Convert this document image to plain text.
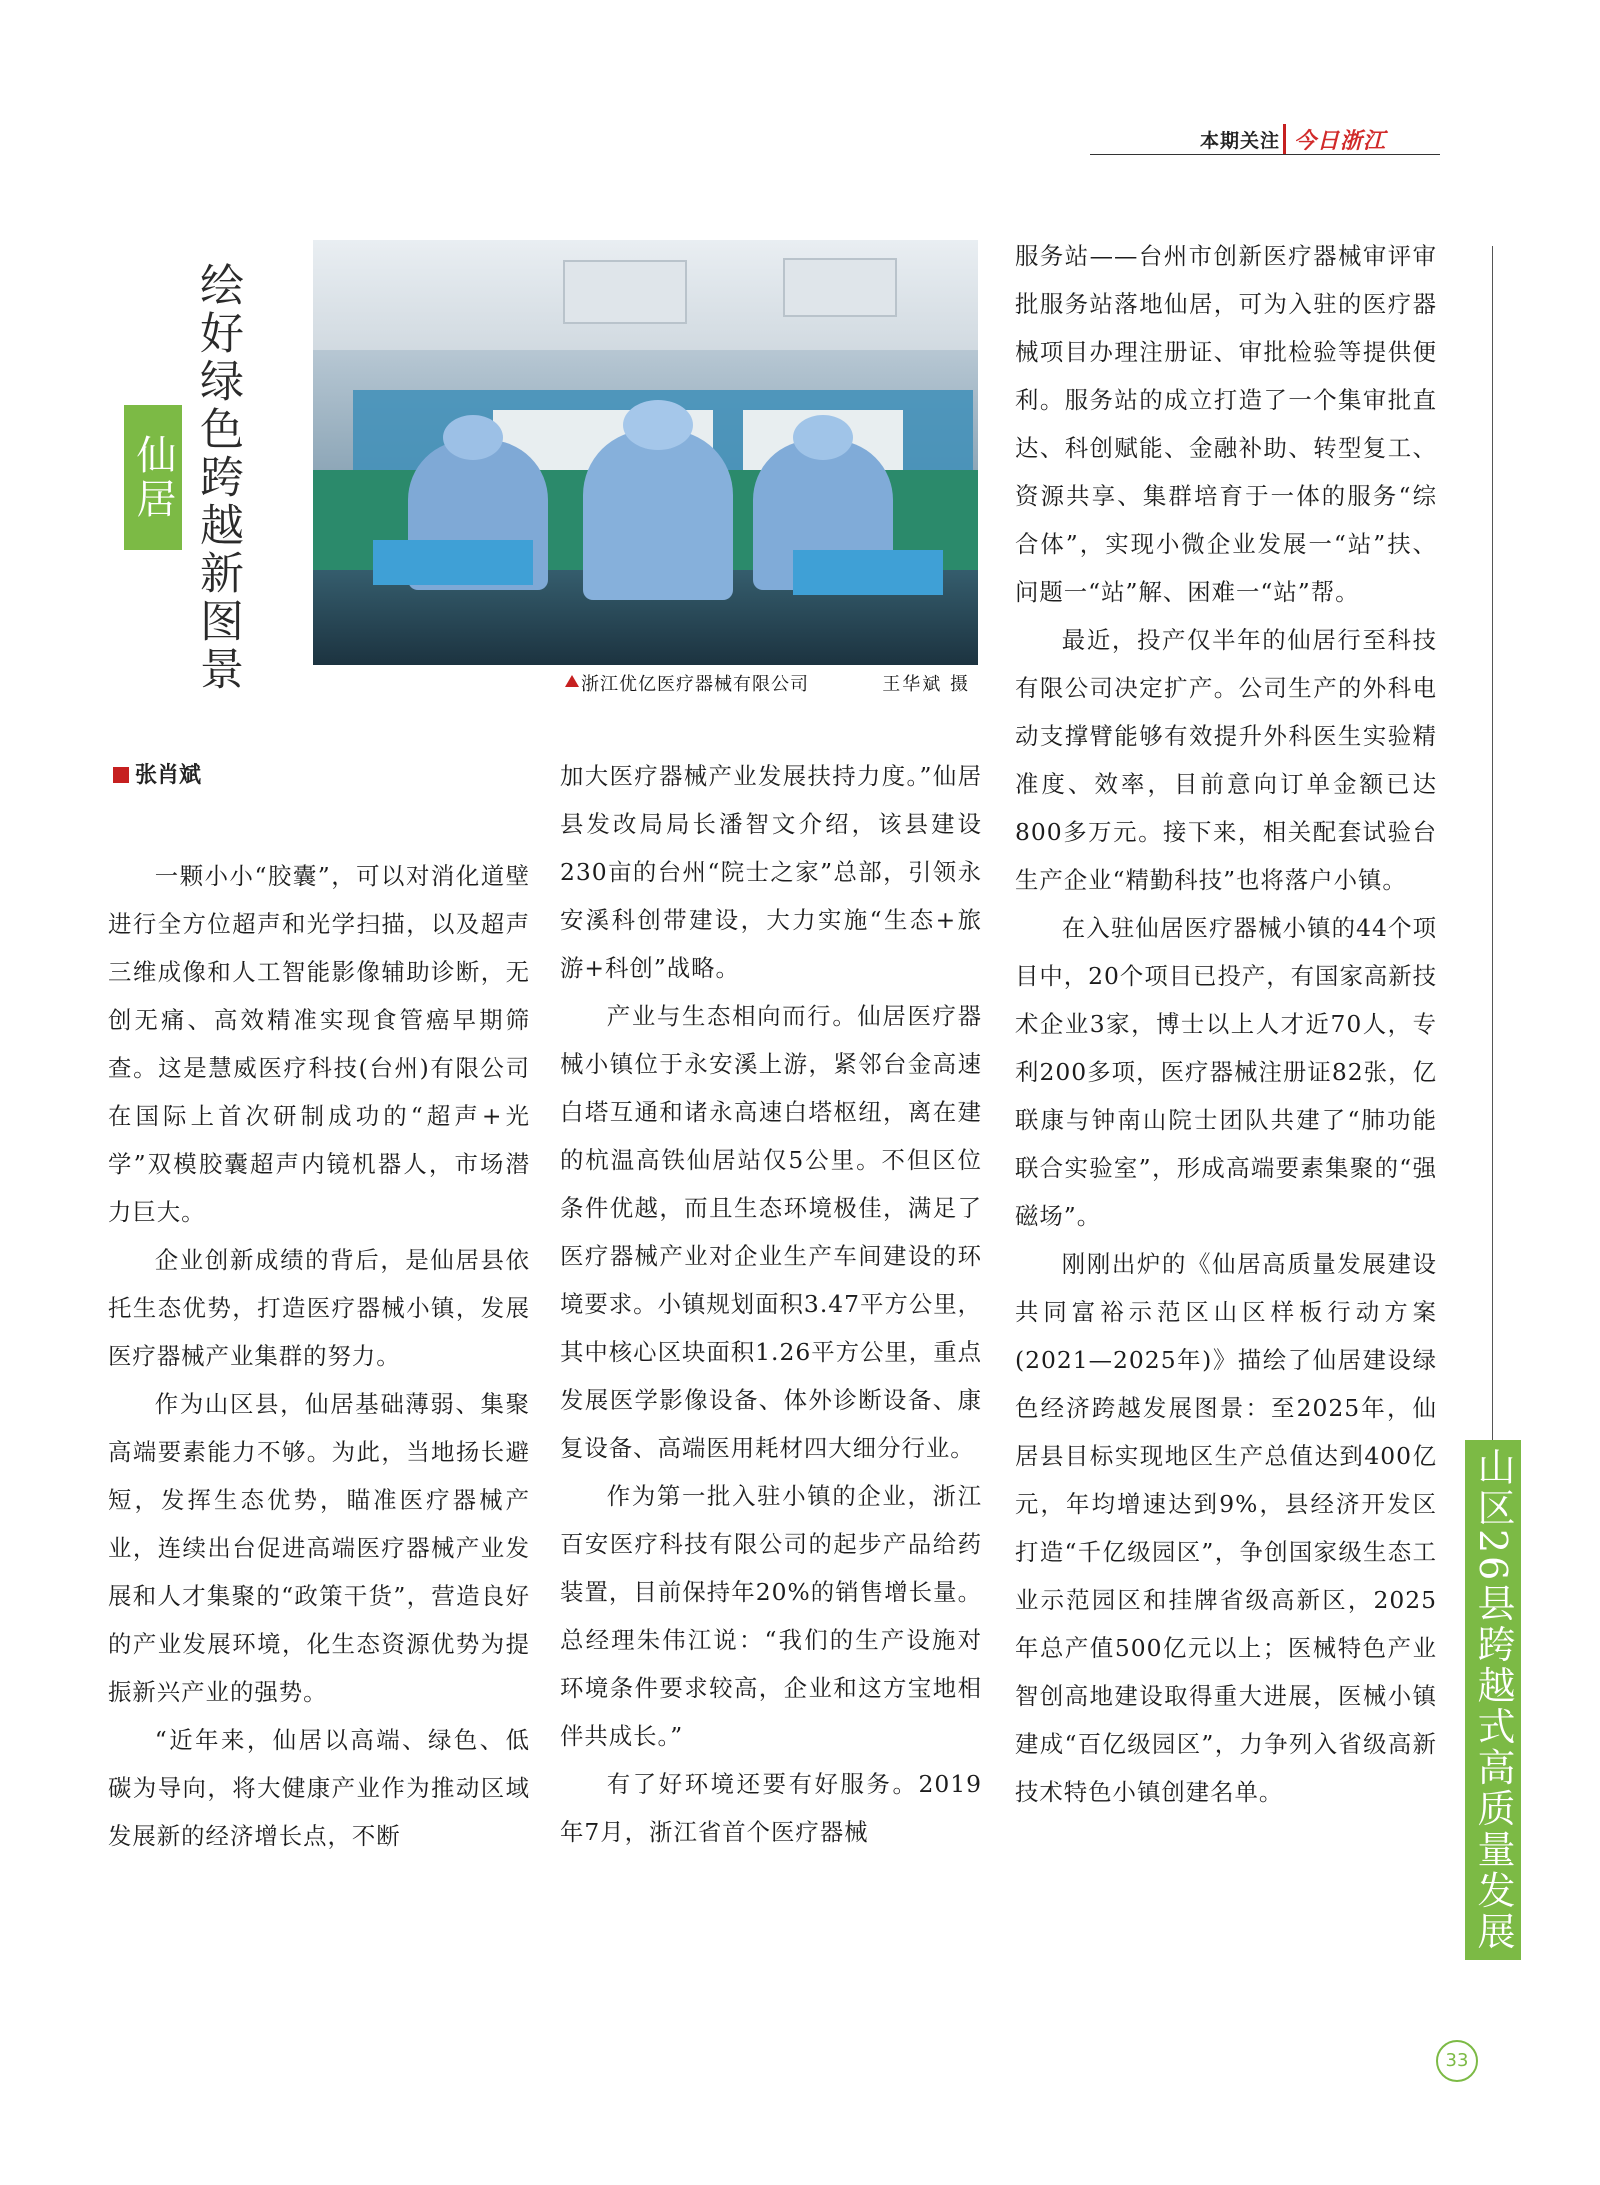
本期关注 今日浙江
仙居 绘好绿色跨越新图景	浙江优亿医疗器械有限公司	王华斌 摄
张肖斌

一颗小小“胶囊”，可以对消化道壁进行全方位超声和光学扫描，以及超声三维成像和人工智能影像辅助诊断，无创无痛、高效精准实现食管癌早期筛查。这是慧威医疗科技(台州)有限公司在国际上首次研制成功的“超声+光学”双模胶囊超声内镜机器人，市场潜力巨大。

企业创新成绩的背后，是仙居县依托生态优势，打造医疗器械小镇，发展医疗器械产业集群的努力。

作为山区县，仙居基础薄弱、集聚高端要素能力不够。为此，当地扬长避短，发挥生态优势，瞄准医疗器械产业，连续出台促进高端医疗器械产业发展和人才集聚的“政策干货”，营造良好的产业发展环境，化生态资源优势为提振新兴产业的强势。

“近年来，仙居以高端、绿色、低碳为导向，将大健康产业作为推动区域发展新的经济增长点，不断

加大医疗器械产业发展扶持力度。”仙居县发改局局长潘智文介绍，该县建设230亩的台州“院士之家”总部，引领永安溪科创带建设，大力实施“生态+旅游+科创”战略。

产业与生态相向而行。仙居医疗器械小镇位于永安溪上游，紧邻台金高速白塔互通和诸永高速白塔枢纽，离在建的杭温高铁仙居站仅5公里。不但区位条件优越，而且生态环境极佳，满足了医疗器械产业对企业生产车间建设的环境要求。小镇规划面积3.47平方公里，其中核心区块面积1.26平方公里，重点发展医学影像设备、体外诊断设备、康复设备、高端医用耗材四大细分行业。

作为第一批入驻小镇的企业，浙江百安医疗科技有限公司的起步产品给药装置，目前保持年20%的销售增长量。总经理朱伟江说：“我们的生产设施对环境条件要求较高，企业和这方宝地相伴共成长。”

有了好环境还要有好服务。2019年7月，浙江省首个医疗器械

服务站——台州市创新医疗器械审评审批服务站落地仙居，可为入驻的医疗器械项目办理注册证、审批检验等提供便利。服务站的成立打造了一个集审批直达、科创赋能、金融补助、转型复工、资源共享、集群培育于一体的服务“综合体”，实现小微企业发展一“站”扶、问题一“站”解、困难一“站”帮。

最近，投产仅半年的仙居行至科技有限公司决定扩产。公司生产的外科电动支撑臂能够有效提升外科医生实验精准度、效率，目前意向订单金额已达800多万元。接下来，相关配套试验台生产企业“精勤科技”也将落户小镇。

在入驻仙居医疗器械小镇的44个项目中，20个项目已投产，有国家高新技术企业3家，博士以上人才近70人，专利200多项，医疗器械注册证82张，亿联康与钟南山院士团队共建了“肺功能联合实验室”，形成高端要素集聚的“强磁场”。

刚刚出炉的《仙居高质量发展建设共同富裕示范区山区样板行动方案(2021—2025年)》描绘了仙居建设绿色经济跨越发展图景：至2025年，仙居县目标实现地区生产总值达到400亿元，年均增速达到9%，县经济开发区打造“千亿级园区”，争创国家级生态工业示范园区和挂牌省级高新区，2025年总产值500亿元以上；医械特色产业智创高地建设取得重大进展，医械小镇建成“百亿级园区”，力争列入省级高新技术特色小镇创建名单。	山区26县跨越式高质量发展
33
